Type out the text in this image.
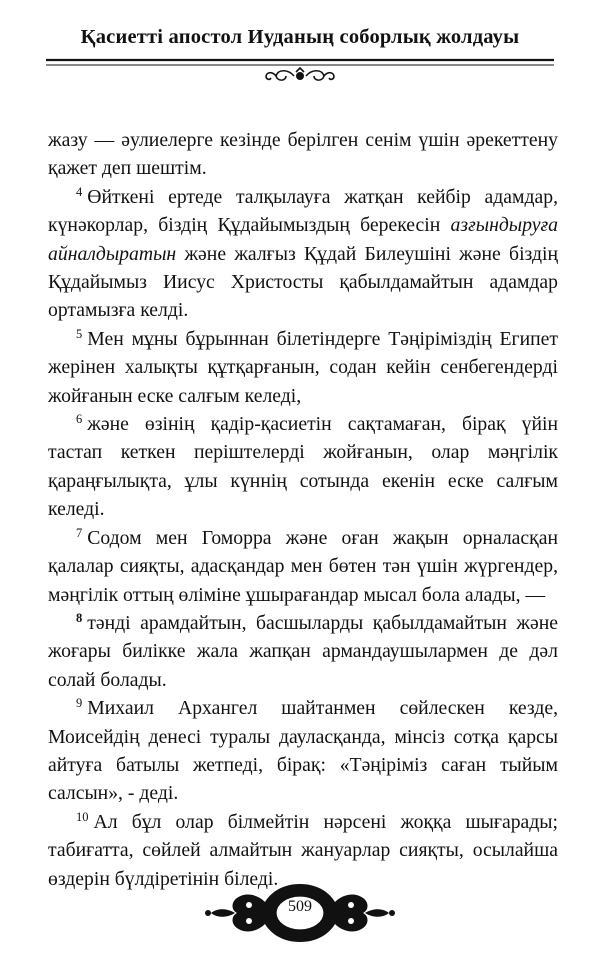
Қасиетті апостол Иуданың соборлық жолдауы

жазу — әулиелерге кезінде берілген сенім үшін әрекеттену қажет деп шештім.

$^4$ Өйткені ертеде талқылауға жатқан кейбір адамдар, күнәкорлар, біздің Құдайымыздың берекесін азғындыруға айналдыратын және жалғыз Құдай Билеушіні және біздің Құдайымыз Иисус Христосты қабылдамайтын адамдар ортамызға келді.

$^5$ Мен мұны бұрыннан білетіндерге Тәңіріміздің Египет жерінен халықты құтқарғанын, содан кейін сенбегендерді жойғанын еске салғым келеді,

$^6$ және өзінің қадір-қасиетін сақтамаған, бірақ үйін тастап кеткен періштелерді жойғанын, олар мәңгілік қараңғылықта, ұлы күннің сотында екенін еске салғым келеді.

$^7$ Содом мен Гоморра және оған жақын орналасқан қалалар сияқты, адасқандар мен бөтен тән үшін жүргендер, мәңгілік оттың өліміне ұшырағандар мысал бола алады, —

$^8$ тәнді арамдайтын, басшыларды қабылдамайтын және жоғары билікке жала жапқан армандаушылармен де дәл солай болады.

$^9$ Михаил Архангел шайтанмен сөйлескен кезде, Моисейдің денесі туралы дауласқанда, мінсіз сотқа қарсы айтуға батылы жетпеді, бірақ: «Тәңіріміз саған тыйым салсын», - деді.

$^{10}$ Ал бұл олар білмейтін нәрсені жоққа шығарады; табиғатта, сөйлей алмайтын жануарлар сияқты, осылайша өздерін бүлдіретінін біледі.

509
